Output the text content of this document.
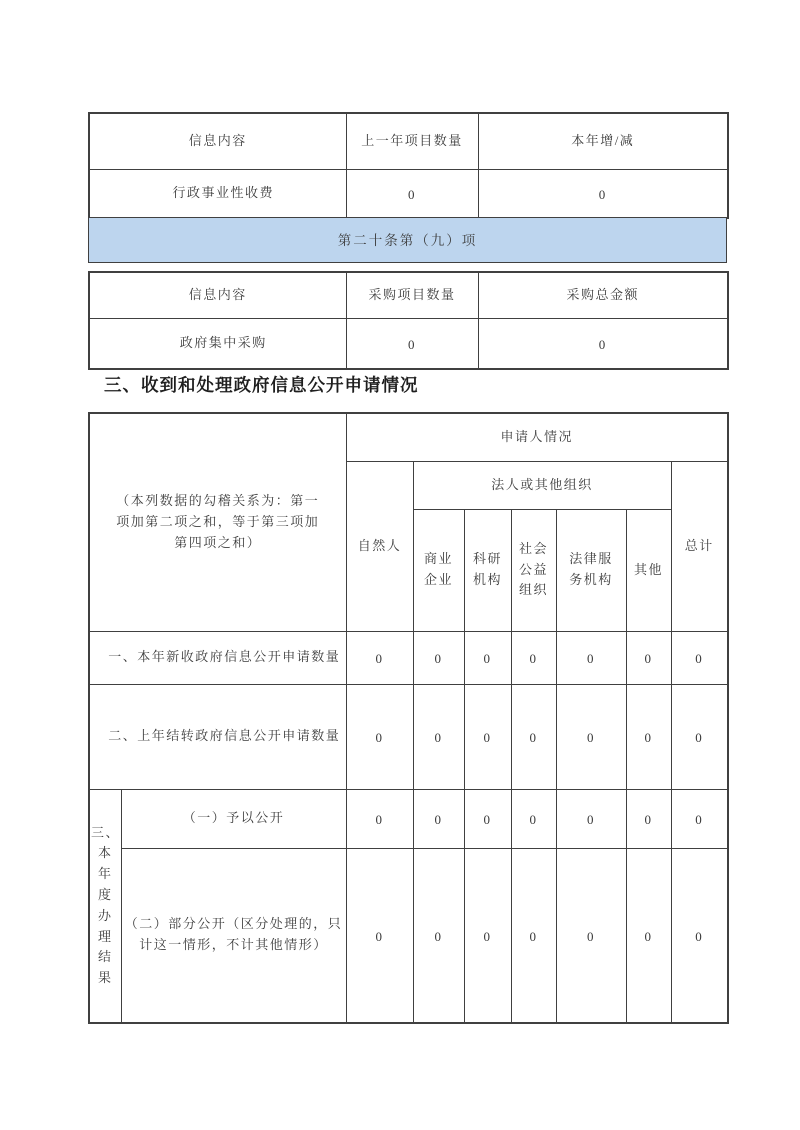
信息内容	上一年项目数量	本年增/减
行政事业性收费	0	0
第二十条第（九）项
信息内容	采购项目数量	采购总金额
政府集中采购	0	0
三、收到和处理政府信息公开申请情况
（本列数据的勾稽关系为：第一项加第二项之和，等于第三项加第四项之和）		申请人情况						
		自然人	法人或其他组织					总计
			商业企业	科研机构	社会公益组织	法律服务机构	其他	
一、本年新收政府信息公开申请数量		0	0	0	0	0	0	0
二、上年结转政府信息公开申请数量		0	0	0	0	0	0	0
三、本年度办理结果	（一）予以公开	0	0	0	0	0	0	0
	（二）部分公开（区分处理的，只计这一情形，不计其他情形）	0	0	0	0	0	0	0
